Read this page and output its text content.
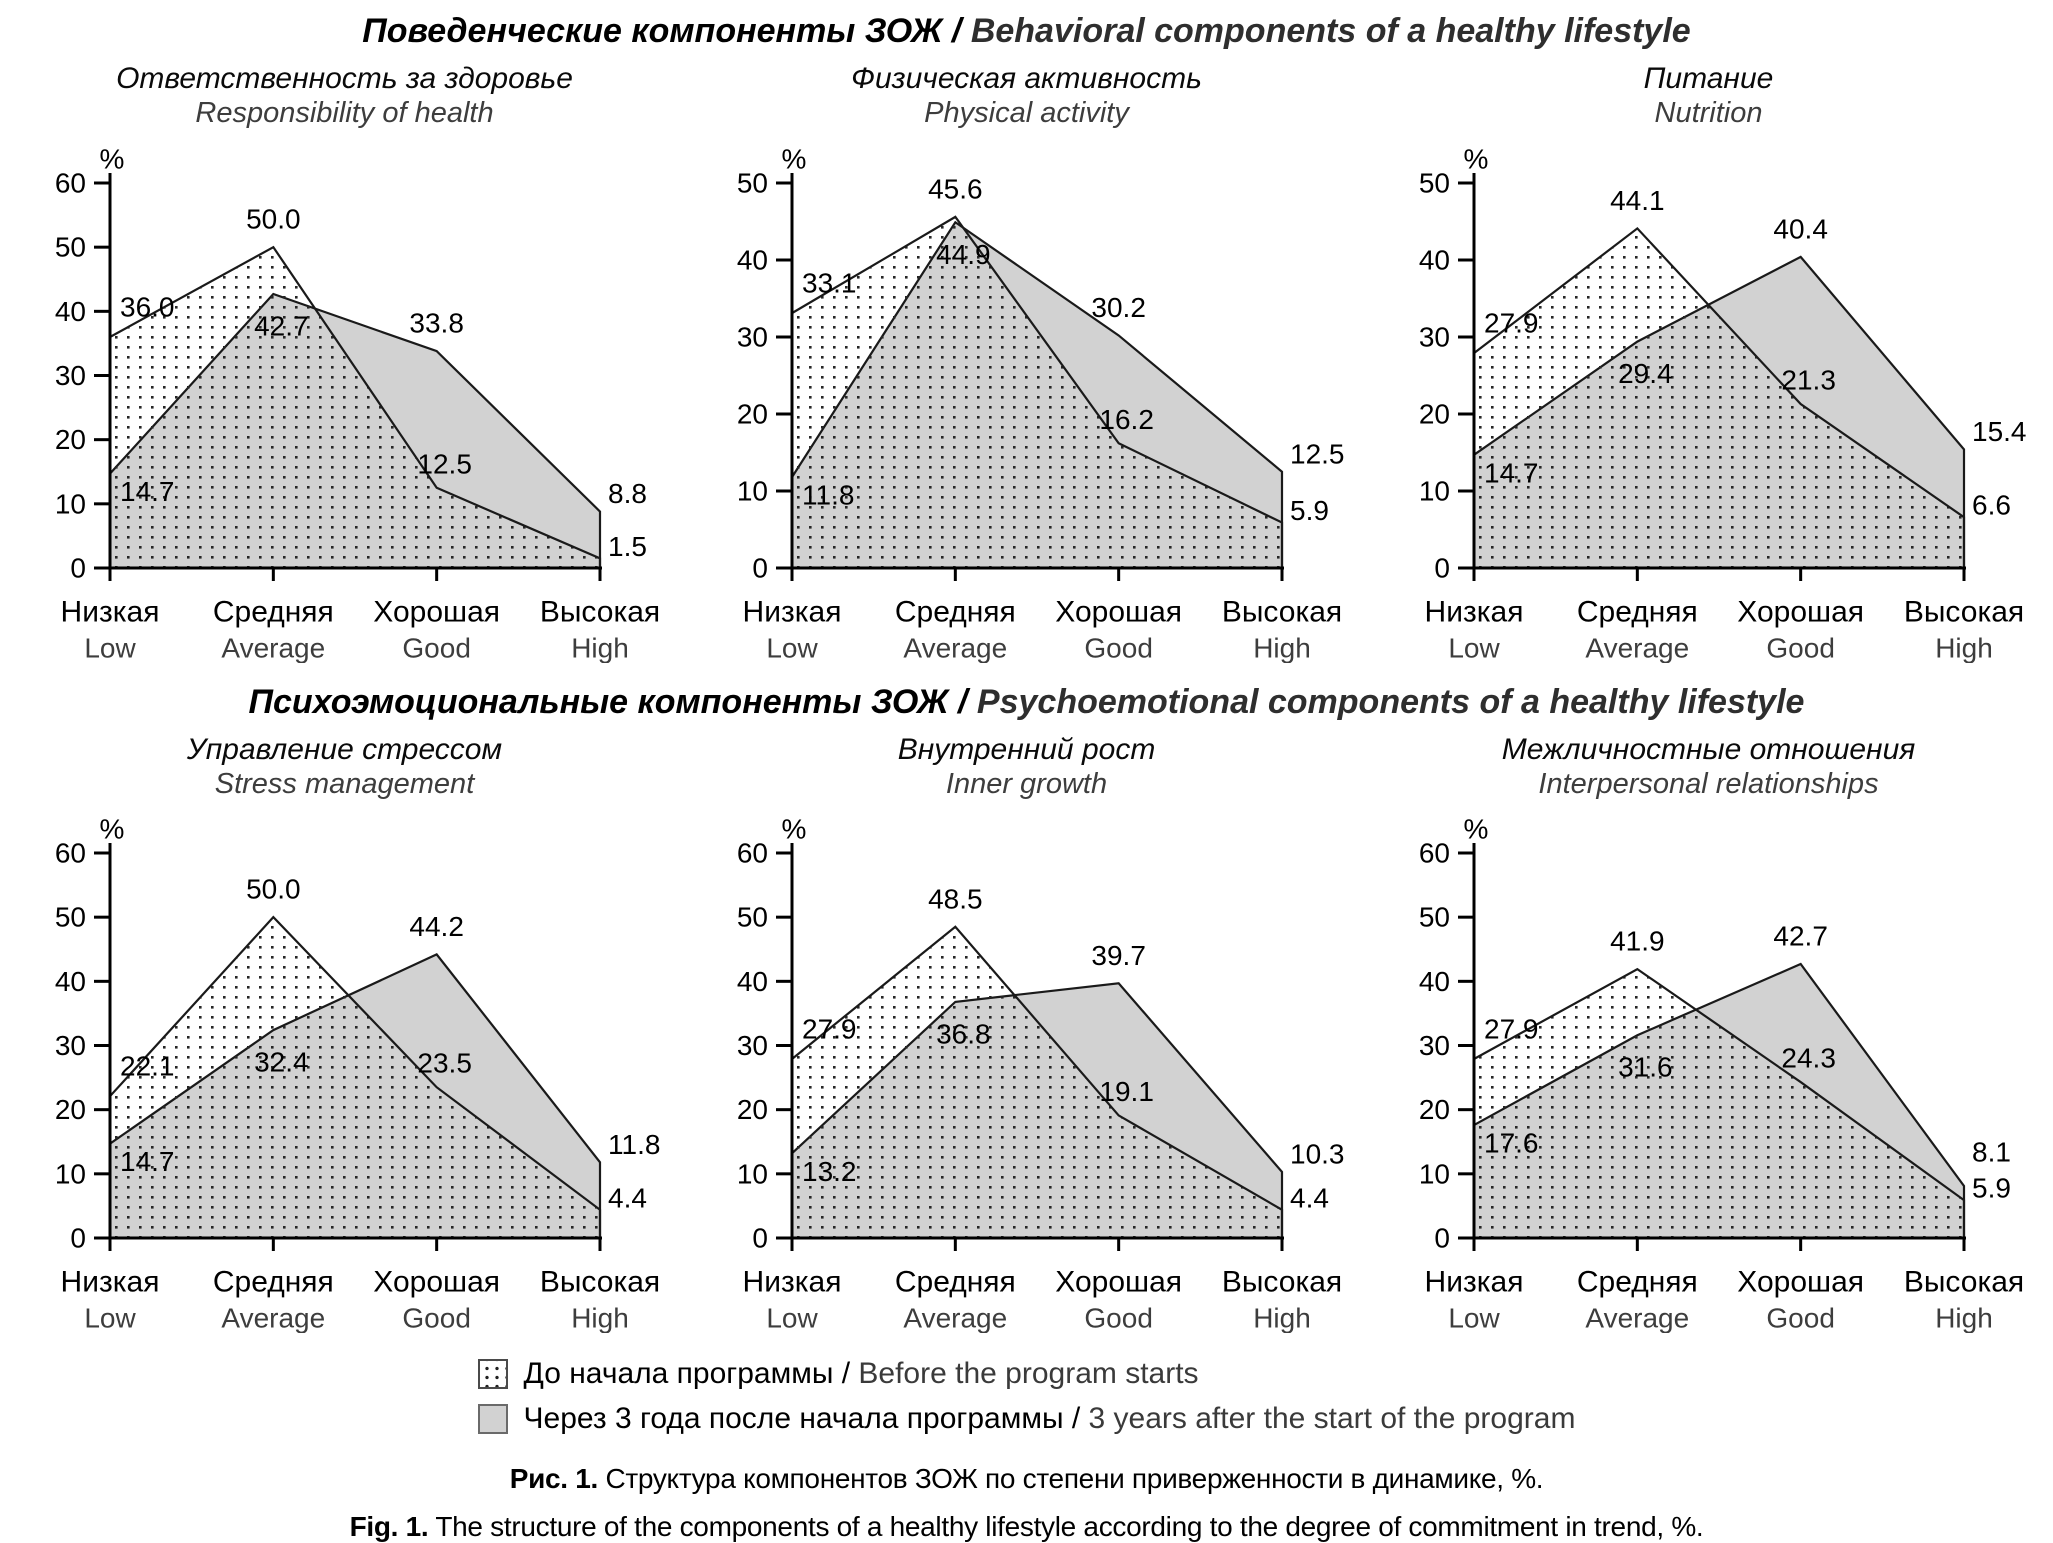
Поведенческие компоненты ЗОЖ / Behavioral components of a healthy lifestyle
Ответственность за здоровье
Responsibility of health
0
10
20
30
40
50
60
%
Низкая
Low
Средняя
Average
Хорошая
Good
Высокая
High
36.0
14.7
50.0
42.7	33.8
12.5
8.8
1.5
Физическая активность
Physical activity
0
10
20
30
40
50
%
Низкая
Low
Средняя
Average
Хорошая
Good
Высокая
High
33.1
11.8
45.6
44.9
30.2
16.2
12.5
5.9
Питание
Nutrition
0
10
20
30
40
50
%
Низкая
Low
Средняя
Average
Хорошая
Good
Высокая
High
27.9
14.7
44.1
29.4
40.4
21.3
15.4
6.6
Психоэмоциональные компоненты ЗОЖ / Psychoemotional components of a healthy lifestyle
Управление стрессом
Stress management
0
10
20
30
40
50
60
%
Низкая
Low
Средняя
Average
Хорошая
Good
Высокая
High
22.1
14.7
50.0
32.4
44.2
23.5
11.8
4.4
Внутренний рост
Inner growth
0
10
20
30
40
50
60
%
Низкая
Low
Средняя
Average
Хорошая
Good
Высокая
High
27.9
13.2
48.5
36.8
39.7
19.1
10.3
4.4
Межличностные отношения
Interpersonal relationships
0
10
20
30
40
50
60
%
Низкая
Low
Средняя
Average
Хорошая
Good
Высокая
High
27.9
17.6
41.9
31.6
42.7
24.3
8.1
5.9
До начала программы / Before the program starts
Через 3 года после начала программы / 3 years after the start of the program

Рис. 1. Структура компонентов ЗОЖ по степени приверженности в динамике, %.

Fig. 1. The structure of the components of a healthy lifestyle according to the degree of commitment in trend, %.
